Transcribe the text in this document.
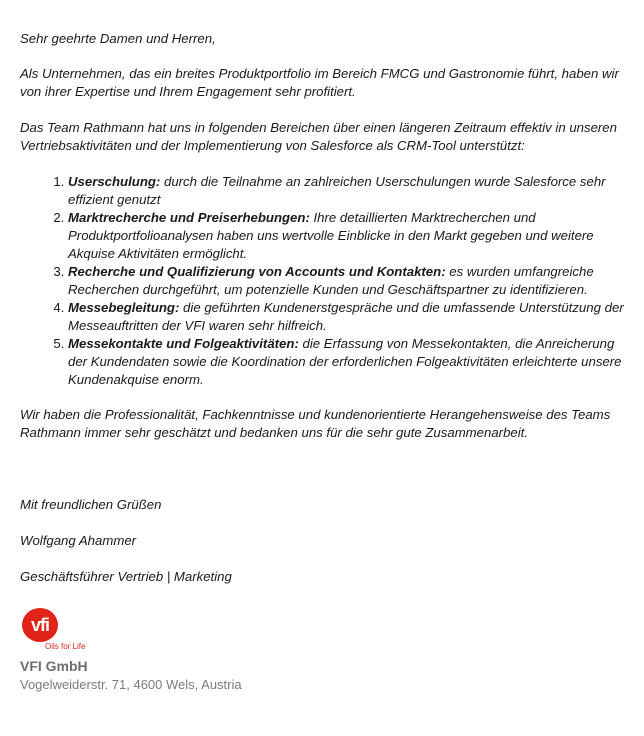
Sehr geehrte Damen und Herren,

Als Unternehmen, das ein breites Produktportfolio im Bereich FMCG und Gastronomie führt, haben wir von ihrer Expertise und Ihrem Engagement sehr profitiert.

Das Team Rathmann hat uns in folgenden Bereichen über einen längeren Zeitraum effektiv in unseren Vertriebsaktivitäten und der Implementierung von Salesforce als CRM-Tool unterstützt:

1. Userschulung: durch die Teilnahme an zahlreichen Userschulungen wurde Salesforce sehr effizient genutzt
2. Marktrecherche und Preiserhebungen: Ihre detaillierten Marktrecherchen und Produktportfolioanalysen haben uns wertvolle Einblicke in den Markt gegeben und weitere Akquise Aktivitäten ermöglicht.
3. Recherche und Qualifizierung von Accounts und Kontakten: es wurden umfangreiche Recherchen durchgeführt, um potenzielle Kunden und Geschäftspartner zu identifizieren.
4. Messebegleitung: die geführten Kundenerstgespräche und die umfassende Unterstützung der Messeauftritten der VFI waren sehr hilfreich.
5. Messekontakte und Folgeaktivitäten: die Erfassung von Messekontakten, die Anreicherung der Kundendaten sowie die Koordination der erforderlichen Folgeaktivitäten erleichterte unsere Kundenakquise enorm.

Wir haben die Professionalität, Fachkenntnisse und kundenorientierte Herangehensweise des Teams Rathmann immer sehr geschätzt und bedanken uns für die sehr gute Zusammenarbeit.

Mit freundlichen Grüßen

Wolfgang Ahammer

Geschäftsführer Vertrieb | Marketing

vfi
Oils for Life
VFI GmbH
Vogelweiderstr. 71, 4600 Wels, Austria
